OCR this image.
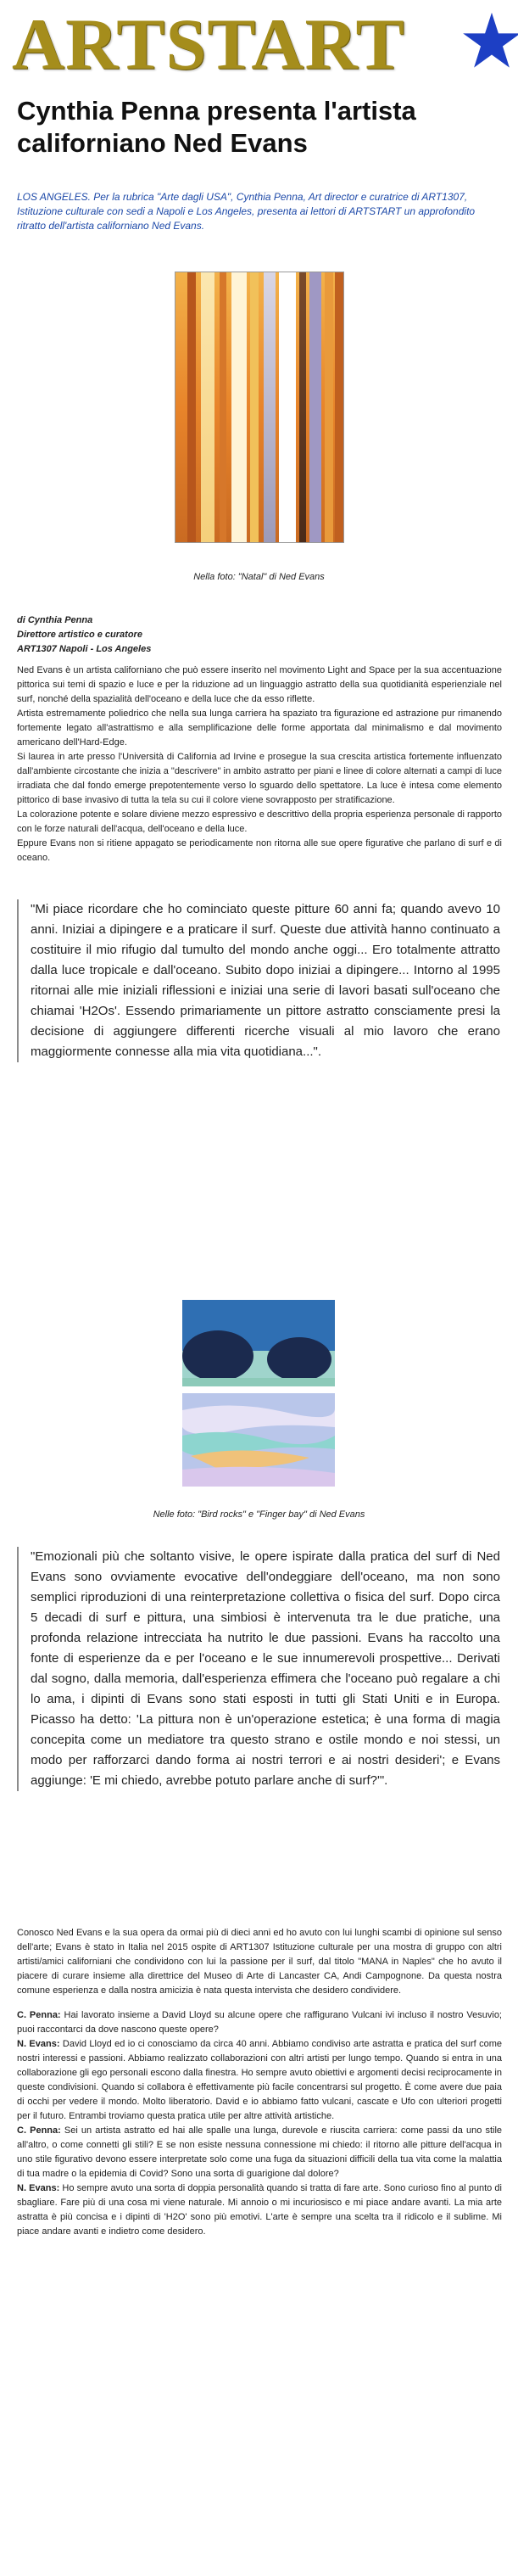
ARTSTART
Cynthia Penna presenta l'artista californiano Ned Evans

LOS ANGELES. Per la rubrica "Arte dagli USA", Cynthia Penna, Art director e curatrice di ART1307, Istituzione culturale con sedi a Napoli e Los Angeles, presenta ai lettori di ARTSTART un approfondito ritratto dell'artista californiano Ned Evans.

Nella foto: "Natal" di Ned Evans

di Cynthia Penna
Direttore artistico e curatore
ART1307 Napoli - Los Angeles

Ned Evans è un artista californiano che può essere inserito nel movimento Light and Space per la sua accentuazione pittorica sui temi di spazio e luce e per la riduzione ad un linguaggio astratto della sua quotidianità esperienziale nel surf, nonché della spazialità dell'oceano e della luce che da esso riflette.

Artista estremamente poliedrico che nella sua lunga carriera ha spaziato tra figurazione ed astrazione pur rimanendo fortemente legato all'astrattismo e alla semplificazione delle forme apportata dal minimalismo e dal movimento americano dell'Hard-Edge.

Si laurea in arte presso l'Università di California ad Irvine e prosegue la sua crescita artistica fortemente influenzato dall'ambiente circostante che inizia a "descrivere" in ambito astratto per piani e linee di colore alternati a campi di luce irradiata che dal fondo emerge prepotentemente verso lo sguardo dello spettatore. La luce è intesa come elemento pittorico di base invasivo di tutta la tela su cui il colore viene sovrapposto per stratificazione.

La colorazione potente e solare diviene mezzo espressivo e descrittivo della propria esperienza personale di rapporto con le forze naturali dell'acqua, dell'oceano e della luce.

Eppure Evans non si ritiene appagato se periodicamente non ritorna alle sue opere figurative che parlano di surf e di oceano.

"Mi piace ricordare che ho cominciato queste pitture 60 anni fa; quando avevo 10 anni. Iniziai a dipingere e a praticare il surf. Queste due attività hanno continuato a costituire il mio rifugio dal tumulto del mondo anche oggi... Ero totalmente attratto dalla luce tropicale e dall'oceano. Subito dopo iniziai a dipingere... Intorno al 1995 ritornai alle mie iniziali riflessioni e iniziai una serie di lavori basati sull'oceano che chiamai 'H2Os'. Essendo primariamente un pittore astratto consciamente presi la decisione di aggiungere differenti ricerche visuali al mio lavoro che erano maggiormente connesse alla mia vita quotidiana...".

Nelle foto: "Bird rocks" e "Finger bay" di Ned Evans

"Emozionali più che soltanto visive, le opere ispirate dalla pratica del surf di Ned Evans sono ovviamente evocative dell'ondeggiare dell'oceano, ma non sono semplici riproduzioni di una reinterpretazione collettiva o fisica del surf. Dopo circa 5 decadi di surf e pittura, una simbiosi è intervenuta tra le due pratiche, una profonda relazione intrecciata ha nutrito le due passioni. Evans ha raccolto una fonte di esperienze da e per l'oceano e le sue innumerevoli prospettive... Derivati dal sogno, dalla memoria, dall'esperienza effimera che l'oceano può regalare a chi lo ama, i dipinti di Evans sono stati esposti in tutti gli Stati Uniti e in Europa. Picasso ha detto: 'La pittura non è un'operazione estetica; è una forma di magia concepita come un mediatore tra questo strano e ostile mondo e noi stessi, un modo per rafforzarci dando forma ai nostri terrori e ai nostri desideri'; e Evans aggiunge: 'E mi chiedo, avrebbe potuto parlare anche di surf?'".

Conosco Ned Evans e la sua opera da ormai più di dieci anni ed ho avuto con lui lunghi scambi di opinione sul senso dell'arte; Evans è stato in Italia nel 2015 ospite di ART1307 Istituzione culturale per una mostra di gruppo con altri artisti/amici californiani che condividono con lui la passione per il surf, dal titolo "MANA in Naples" che ho avuto il piacere di curare insieme alla direttrice del Museo di Arte di Lancaster CA, Andi Campognone. Da questa nostra comune esperienza e dalla nostra amicizia è nata questa intervista che desidero condividere.

C. Penna: Hai lavorato insieme a David Lloyd su alcune opere che raffigurano Vulcani ivi incluso il nostro Vesuvio; puoi raccontarci da dove nascono queste opere?

N. Evans: David Lloyd ed io ci conosciamo da circa 40 anni. Abbiamo condiviso arte astratta e pratica del surf come nostri interessi e passioni. Abbiamo realizzato collaborazioni con altri artisti per lungo tempo. Quando si entra in una collaborazione gli ego personali escono dalla finestra. Ho sempre avuto obiettivi e argomenti decisi reciprocamente in queste condivisioni. Quando si collabora è effettivamente più facile concentrarsi sul progetto. È come avere due paia di occhi per vedere il mondo. Molto liberatorio. David e io abbiamo fatto vulcani, cascate e Ufo con ulteriori progetti per il futuro. Entrambi troviamo questa pratica utile per altre attività artistiche.

C. Penna: Sei un artista astratto ed hai alle spalle una lunga, durevole e riuscita carriera: come passi da uno stile all'altro, o come connetti gli stili? E se non esiste nessuna connessione mi chiedo: il ritorno alle pitture dell'acqua in uno stile figurativo devono essere interpretate solo come una fuga da situazioni difficili della tua vita come la malattia di tua madre o la epidemia di Covid? Sono una sorta di guarigione dal dolore?

N. Evans: Ho sempre avuto una sorta di doppia personalità quando si tratta di fare arte. Sono curioso fino al punto di sbagliare. Fare più di una cosa mi viene naturale. Mi annoio o mi incuriosisco e mi piace andare avanti. La mia arte astratta è più concisa e i dipinti di 'H2O' sono più emotivi. L'arte è sempre una scelta tra il ridicolo e il sublime. Mi piace andare avanti e indietro come desidero.
